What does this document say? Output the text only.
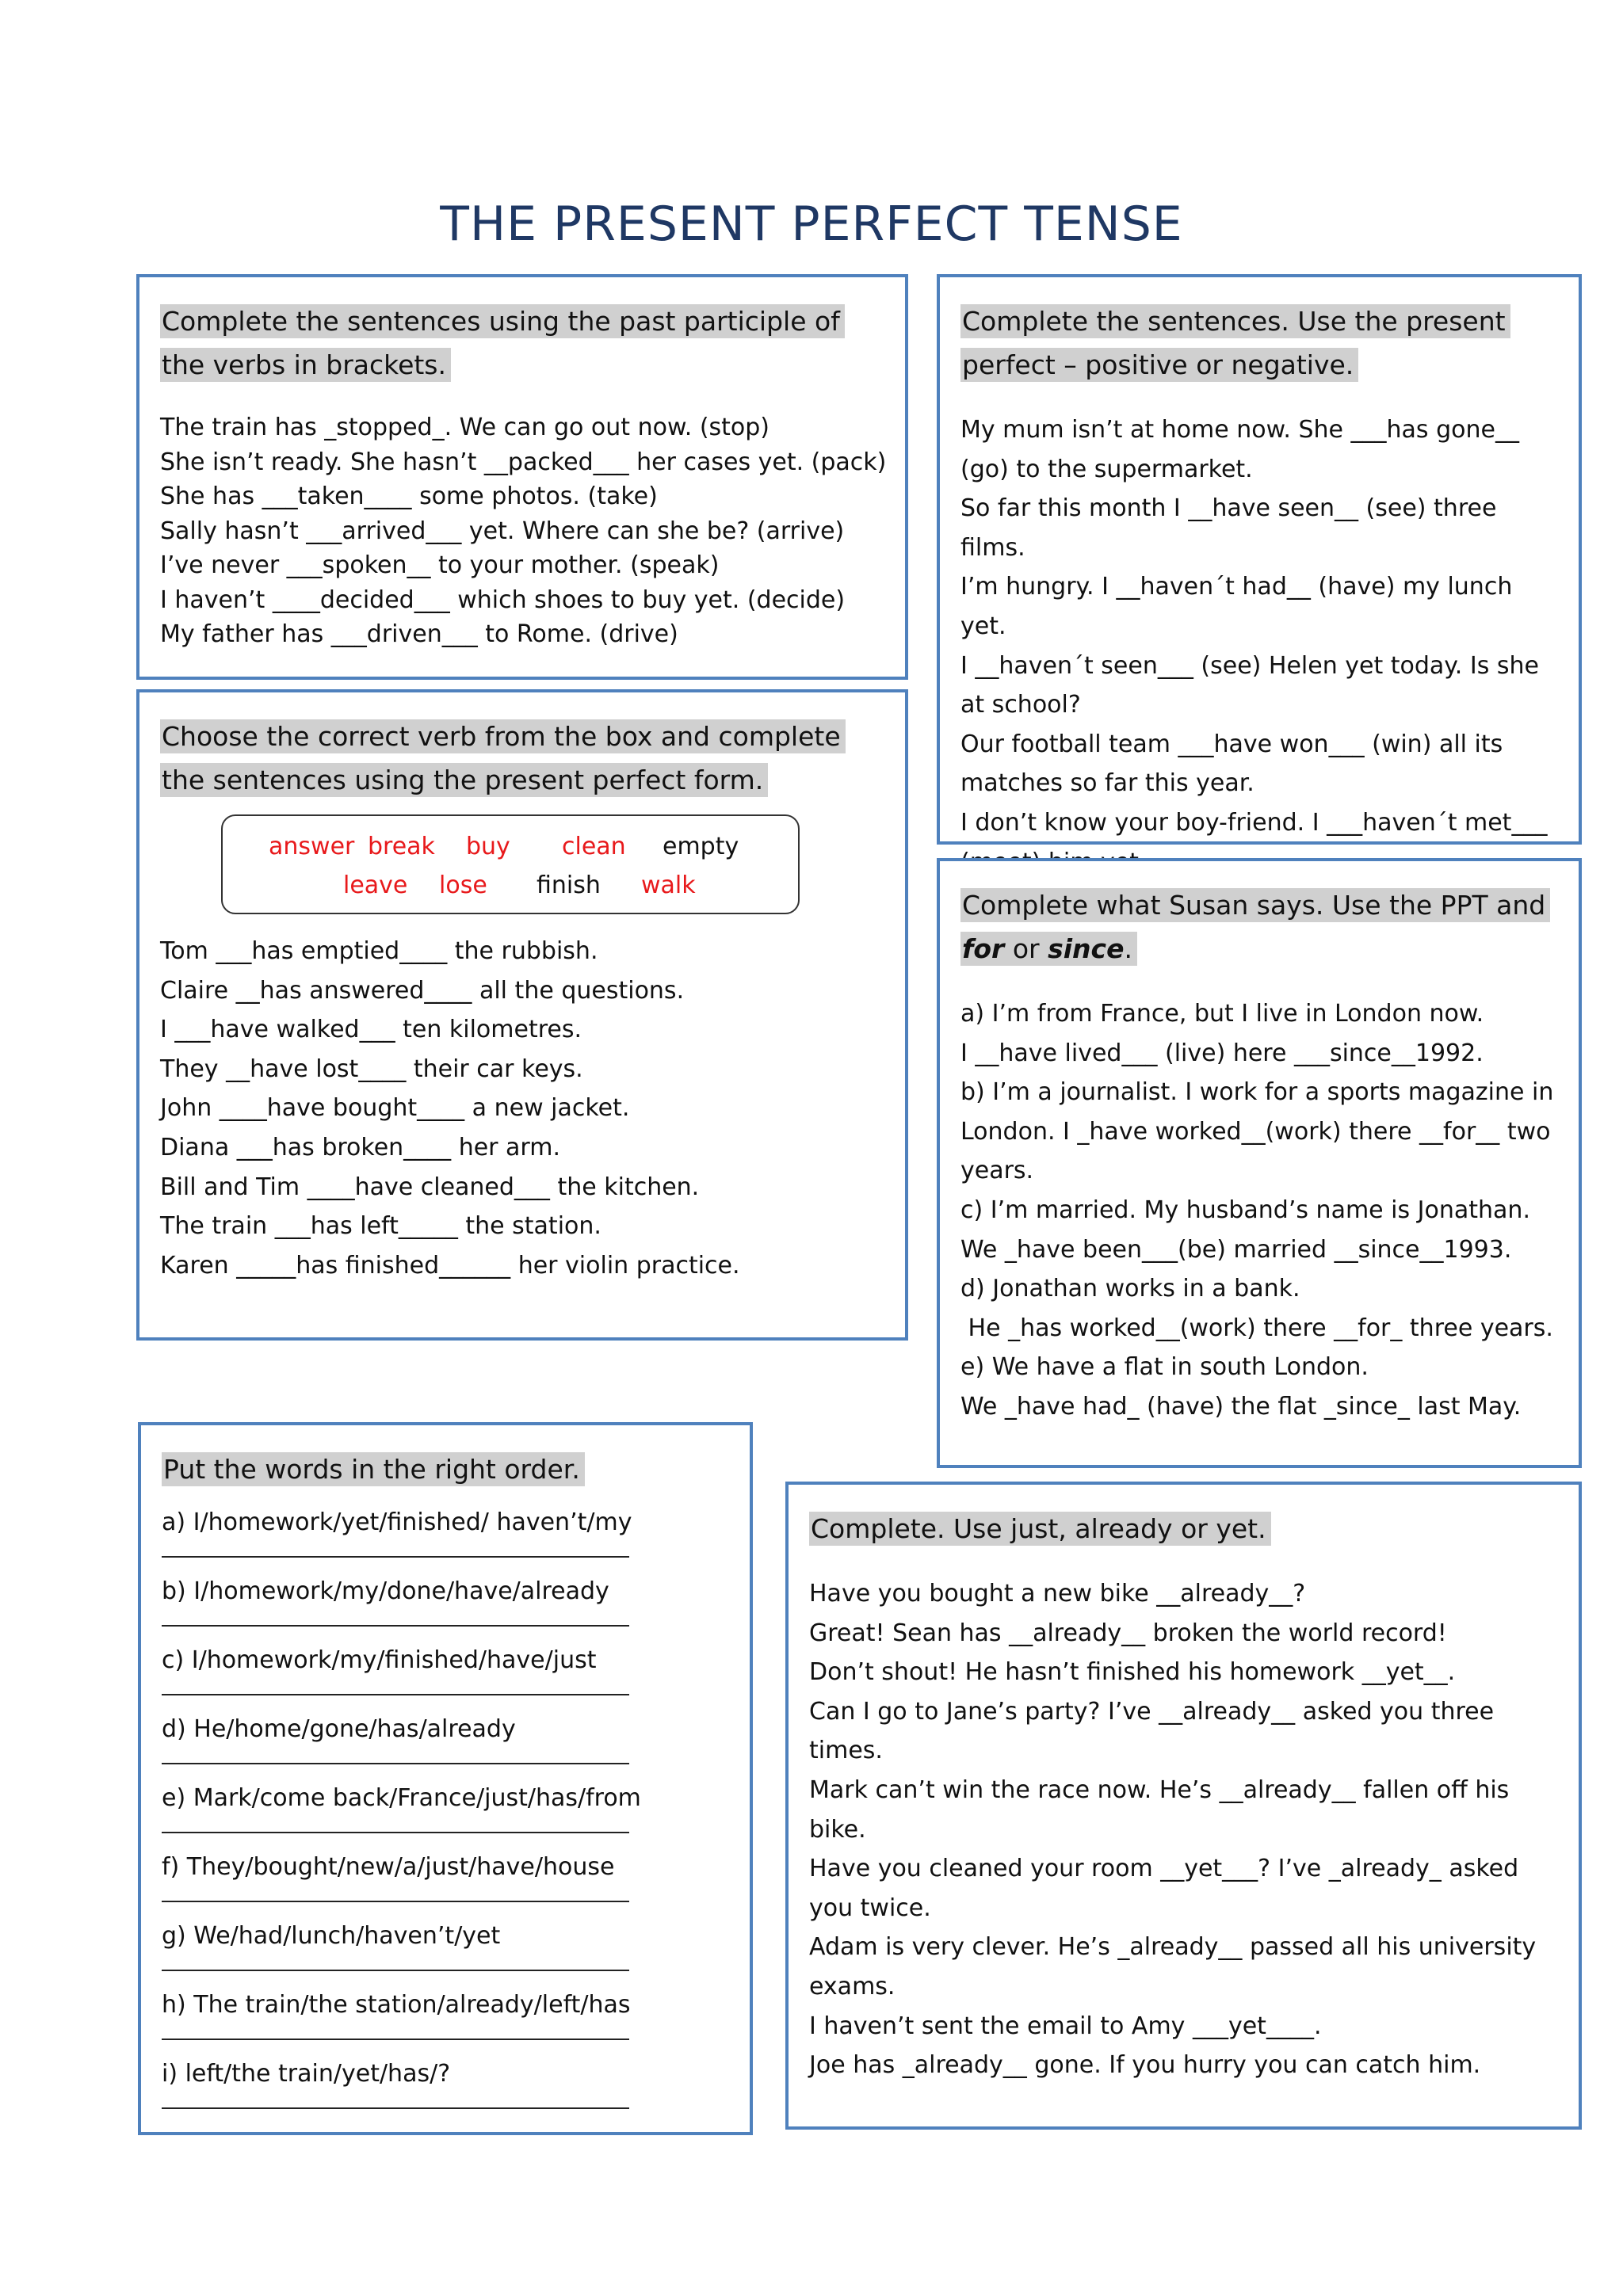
THE PRESENT PERFECT TENSE

Complete the sentences using the past participle of the verbs in brackets.

The train has _stopped_. We can go out now. (stop)
She isn’t ready. She hasn’t __packed___ her cases yet. (pack)
She has ___taken____ some photos. (take)
Sally hasn’t ___arrived___ yet. Where can she be? (arrive)
I’ve never ___spoken__ to your mother. (speak)
I haven’t ____decided___ which shoes to buy yet. (decide)
My father has ___driven___ to Rome. (drive)

Choose the correct verb from the box and complete the sentences using the present perfect form.

answer break buy clean empty
leave lose finish walk
Tom ___has emptied____ the rubbish.
Claire __has answered____ all the questions.
I ___have walked___ ten kilometres.
They __have lost____ their car keys.
John ____have bought____ a new jacket.
Diana ___has broken____ her arm.
Bill and Tim ____have cleaned___ the kitchen.
The train ___has left_____ the station.
Karen _____has finished______ her violin practice.

Put the words in the right order.

a) I/homework/yet/finished/ haven’t/my
b) I/homework/my/done/have/already
c) I/homework/my/finished/have/just
d) He/home/gone/has/already
e) Mark/come back/France/just/has/from
f) They/bought/new/a/just/have/house
g) We/had/lunch/haven’t/yet
h) The train/the station/already/left/has
i) left/the train/yet/has/?

Complete the sentences. Use the present perfect – positive or negative.

My mum isn’t at home now. She ___has gone__ (go) to the supermarket.
So far this month I __have seen__ (see) three films.
I’m hungry. I __haven´t had__ (have) my lunch yet.
I __haven´t seen___ (see) Helen yet today. Is she at school?
Our football team ___have won___ (win) all its matches so far this year.
I don’t know your boy-friend. I ___haven´t met___

Complete what Susan says. Use the PPT and for or since.

a) I’m from France, but I live in London now.
I __have lived___ (live) here ___since__1992.
b) I’m a journalist. I work for a sports magazine in London. I _have worked__(work) there __for__ two years.
c) I’m married. My husband’s name is Jonathan.
We _have been___(be) married __since__1993.
d) Jonathan works in a bank.
He _has worked__(work) there __for_ three years.
e) We have a flat in south London.
We _have had_ (have) the flat _since_ last May.

Complete. Use just, already or yet.

Have you bought a new bike __already__?
Great! Sean has __already__ broken the world record!
Don’t shout! He hasn’t finished his homework __yet__.
Can I go to Jane’s party? I’ve __already__ asked you three times.
Mark can’t win the race now. He’s __already__ fallen off his bike.
Have you cleaned your room __yet___? I’ve _already_ asked you twice.
Adam is very clever. He’s _already__ passed all his university exams.
I haven’t sent the email to Amy ___yet____.
Joe has _already__ gone. If you hurry you can catch him.
